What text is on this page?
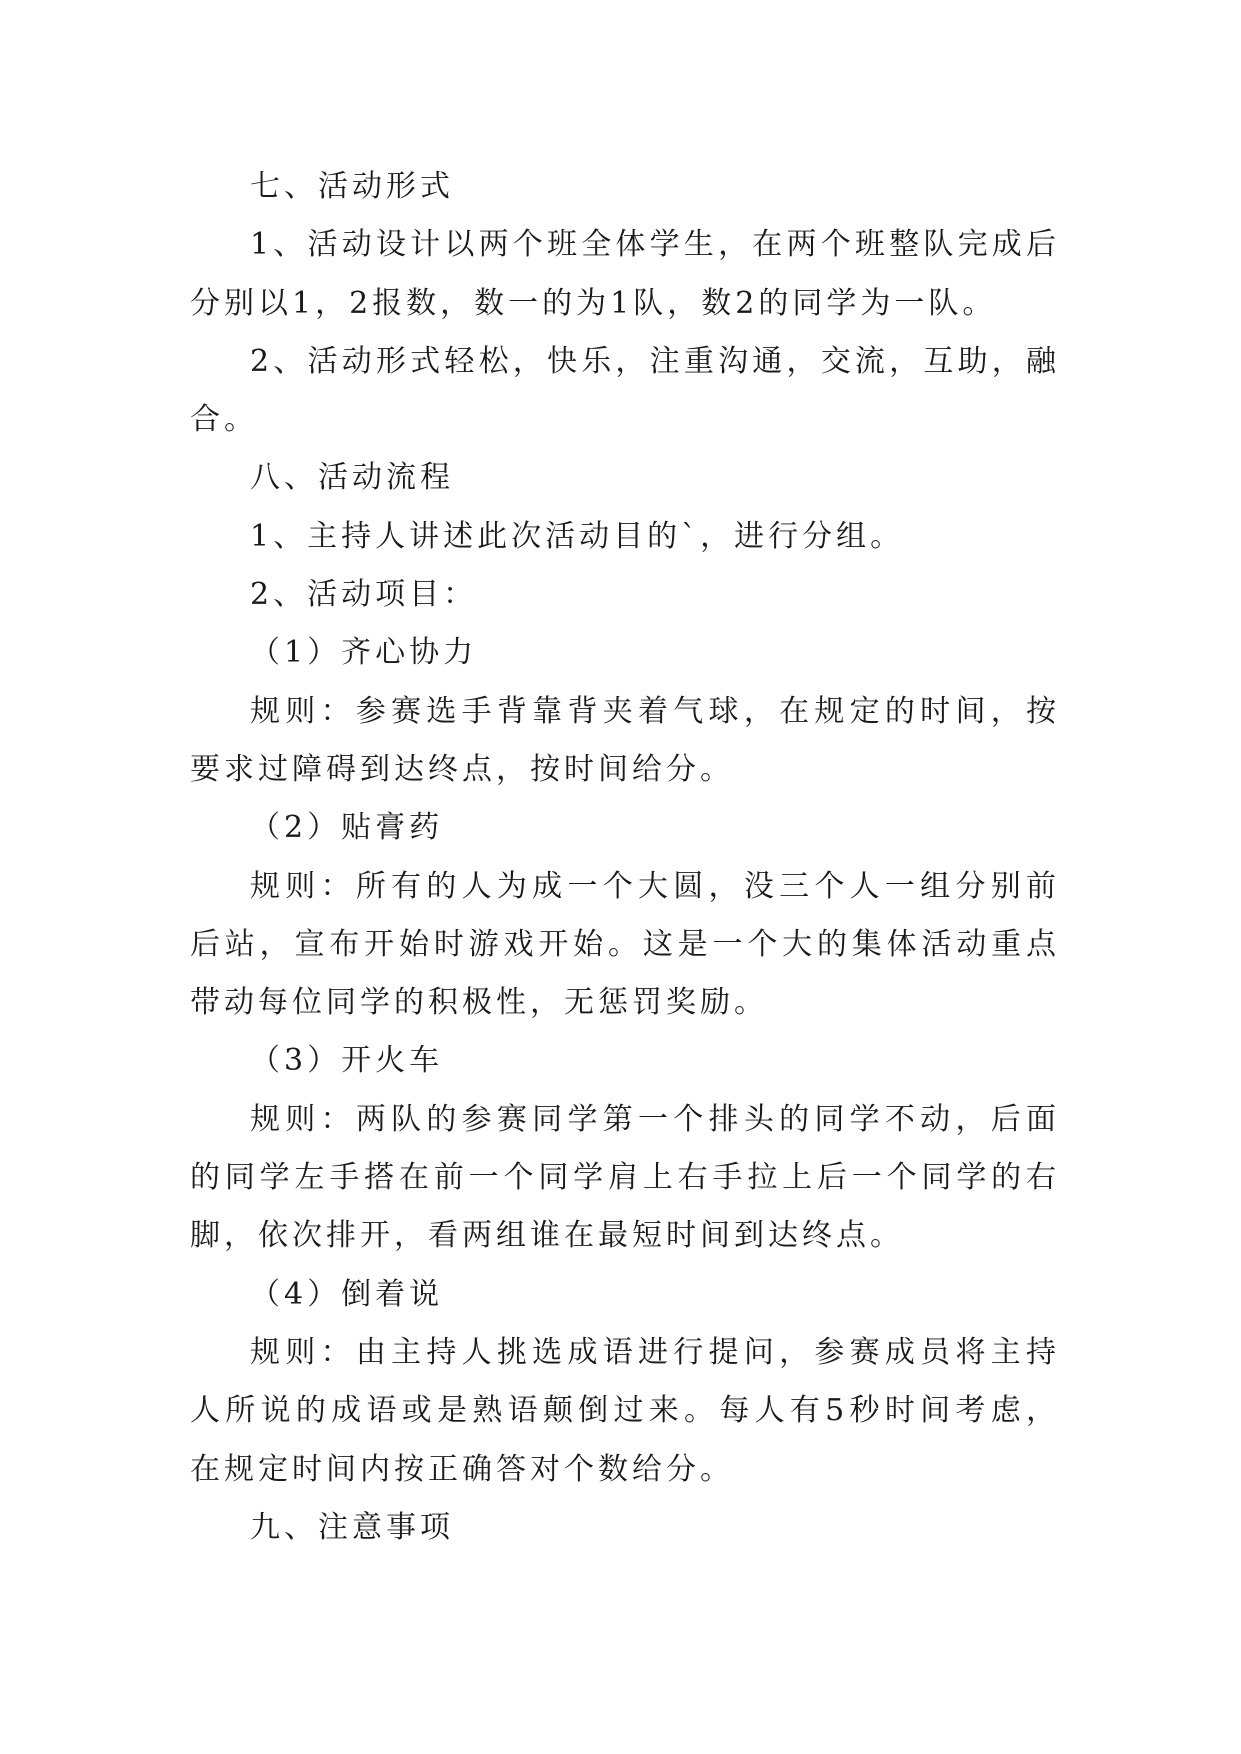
七、活动形式

1、活动设计以两个班全体学生，在两个班整队完成后分别以1，2报数，数一的为1队，数2的同学为一队。

2、活动形式轻松，快乐，注重沟通，交流，互助，融合。

八、活动流程

1、主持人讲述此次活动目的`，进行分组。

2、活动项目：

（1）齐心协力

规则：参赛选手背靠背夹着气球，在规定的时间，按要求过障碍到达终点，按时间给分。

（2）贴膏药

规则：所有的人为成一个大圆，没三个人一组分别前后站，宣布开始时游戏开始。这是一个大的集体活动重点带动每位同学的积极性，无惩罚奖励。

（3）开火车

规则：两队的参赛同学第一个排头的同学不动，后面的同学左手搭在前一个同学肩上右手拉上后一个同学的右脚，依次排开，看两组谁在最短时间到达终点。

（4）倒着说

规则：由主持人挑选成语进行提问，参赛成员将主持人所说的成语或是熟语颠倒过来。每人有5秒时间考虑，在规定时间内按正确答对个数给分。

九、注意事项
